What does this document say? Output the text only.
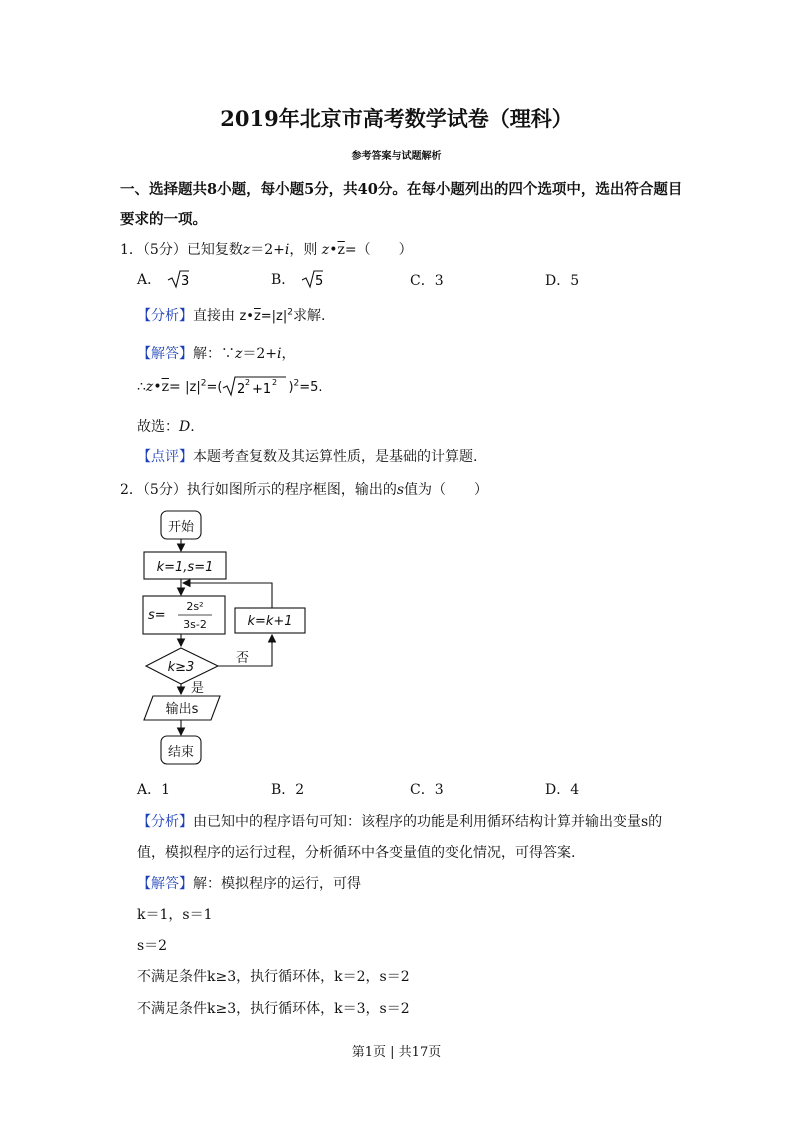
2019年北京市高考数学试卷（理科）
参考答案与试题解析
一、选择题共8小题，每小题5分，共40分。在每小题列出的四个选项中，选出符合题目
要求的一项。
1．（5分）已知复数z＝2+i，则 $z•\overline{z}=$（　　）
A． 3	B． 5	C．3	D．5
【分析】直接由 $z•\overline{z}=|z|^2$求解.
【解答】解：∵z＝2+i，
$\therefore z•\overline{z}= |z|^2=$( 2 2 +1 2 )$^2$=5.
故选：D.
【点评】本题考查复数及其运算性质，是基础的计算题.
2．（5分）执行如图所示的程序框图，输出的s值为（　　）
开始
k=1,s=1
s=
2s²
3s-2	k=k+1
k≥3
否
是
输出s
结束
A．1	B．2	C．3	D．4
【分析】由已知中的程序语句可知：该程序的功能是利用循环结构计算并输出变量s的
值，模拟程序的运行过程，分析循环中各变量值的变化情况，可得答案.
【解答】解：模拟程序的运行，可得
k＝1，s＝1
s＝2
不满足条件k≥3，执行循环体，k＝2，s＝2
不满足条件k≥3，执行循环体，k＝3，s＝2
第1页 | 共17页
